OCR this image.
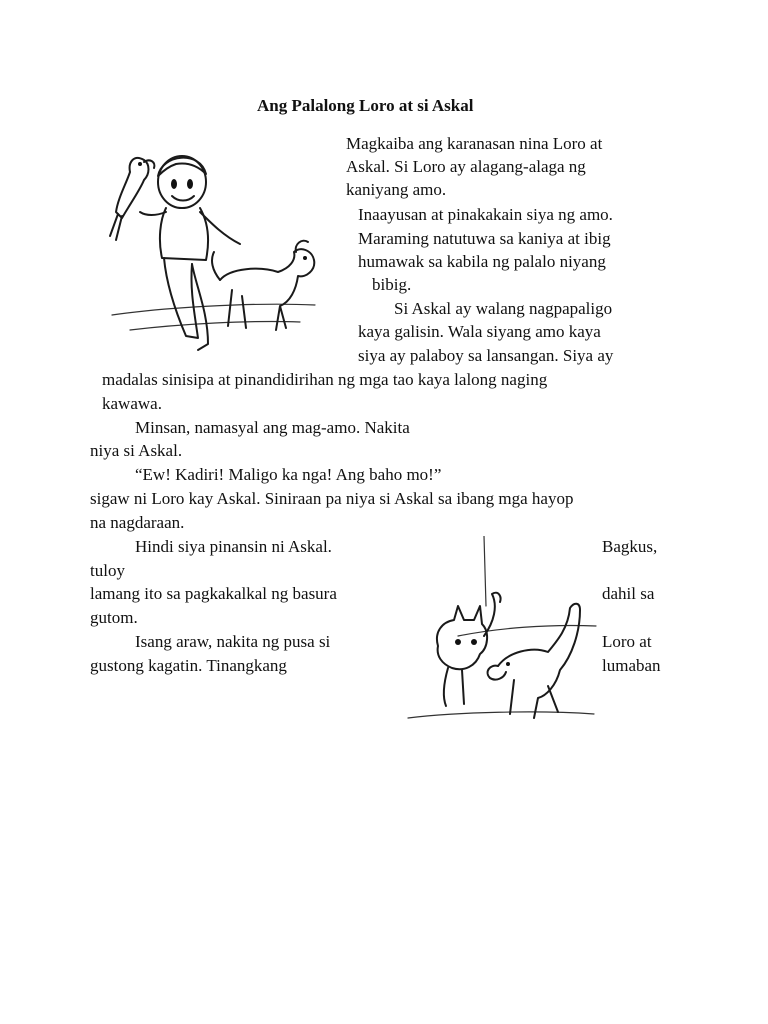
Ang Palalong Loro at si Askal
Magkaiba ang karanasan nina Loro at
Askal. Si Loro ay alagang-alaga ng
kaniyang amo.
Inaayusan at pinakakain siya ng amo.
Maraming natutuwa sa kaniya at ibig
humawak sa kabila ng palalo niyang
bibig.
Si Askal ay walang nagpapaligo
kaya galisin. Wala siyang amo kaya
siya ay palaboy sa lansangan. Siya ay
madalas sinisipa at pinandidirihan ng mga tao kaya lalong naging
kawawa.
Minsan, namasyal ang mag-amo. Nakita
niya si Askal.
“Ew! Kadiri! Maligo ka nga! Ang baho mo!”
sigaw ni Loro kay Askal. Siniraan pa niya si Askal sa ibang mga hayop
na nagdaraan.
Hindi siya pinansin ni Askal.	Bagkus,
tuloy
lamang ito sa pagkakalkal ng basura	dahil sa
gutom.
Isang araw, nakita ng pusa si	Loro at
gustong kagatin. Tinangkang	lumaban
